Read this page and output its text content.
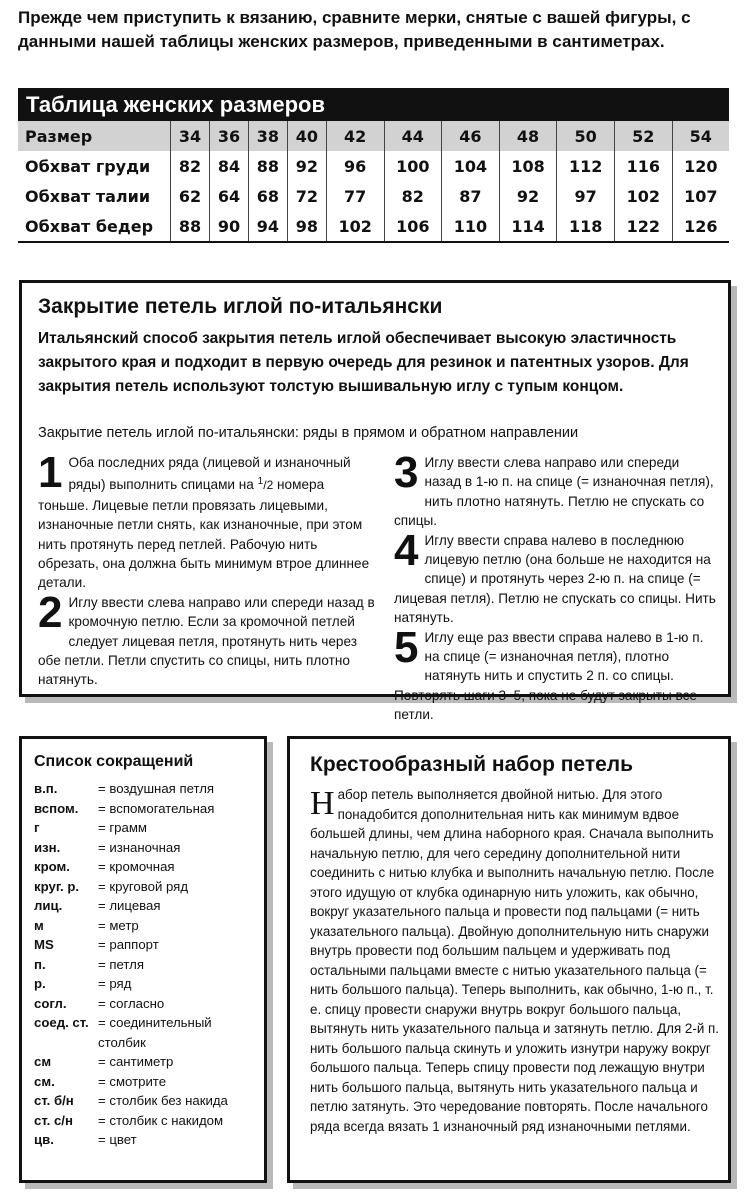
Прежде чем приступить к вязанию, сравните мерки, снятые с вашей фигуры, с данными нашей таблицы женских размеров, приведенными в сантиметрах.
Таблица женских размеров
Размер	34	36	38	40	42	44	46	48	50	52	54
Обхват груди	82	84	88	92	96	100	104	108	112	116	120
Обхват талии	62	64	68	72	77	82	87	92	97	102	107
Обхват бедер	88	90	94	98	102	106	110	114	118	122	126
Закрытие петель иглой по-итальянски
Итальянский способ закрытия петель иглой обеспечивает высокую эластичность закрытого края и подходит в первую очередь для резинок и патентных узоров. Для закрытия петель используют толстую вышивальную иглу с тупым концом.
Закрытие петель иглой по-итальянски: ряды в прямом и обратном направлении
1 Оба последних ряда (лицевой и изнаночный ряды) выполнить спицами на $^1$/2 номера тоньше. Лицевые петли провязать лицевыми, изнаночные петли снять, как изнаночные, при этом нить протянуть перед петлей. Рабочую нить обрезать, она должна быть минимум втрое длиннее детали.
2 Иглу ввести слева направо или спереди назад в кромочную петлю. Если за кромочной петлей следует лицевая петля, протянуть нить через обе петли. Петли спустить со спицы, нить плотно натянуть.
3 Иглу ввести слева направо или спереди назад в 1-ю п. на спице (= изнаночная петля), нить плотно натянуть. Петлю не спускать со спицы.
4 Иглу ввести справа налево в последнюю лицевую петлю (она больше не находится на спице) и протянуть через 2-ю п. на спице (= лицевая петля). Петлю не спускать со спицы. Нить натянуть.
5 Иглу еще раз ввести справа налево в 1-ю п. на спице (= изнаночная петля), плотно натянуть нить и спустить 2 п. со спицы. Повторять шаги 3–5, пока не будут закрыты все петли.
Список сокращений
в.п.	= воздушная петля
вспом.	= вспомогательная
г	= грамм
изн.	= изнаночная
кром.	= кромочная
круг. р.	= круговой ряд
лиц.	= лицевая
м	= метр
MS	= раппорт
п.	= петля
р.	= ряд
согл.	= согласно
соед. ст. = соединительный столбик
см	= сантиметр
см.	= смотрите
ст. б/н	= столбик без накида
ст. с/н	= столбик с накидом
цв.	= цвет
Крестообразный набор петель
Набор петель выполняется двойной нитью. Для этого понадобится дополнительная нить как минимум вдвое большей длины, чем длина наборного края. Сначала выполнить начальную петлю, для чего середину дополнительной нити соединить с нитью клубка и выполнить начальную петлю. После этого идущую от клубка одинарную нить уложить, как обычно, вокруг указательного пальца и провести под пальцами (= нить указательного пальца). Двойную дополнительную нить снаружи внутрь провести под большим пальцем и удерживать под остальными пальцами вместе с нитью указательного пальца (= нить большого пальца). Теперь выполнить, как обычно, 1-ю п., т. е. спицу провести снаружи внутрь вокруг большого пальца, вытянуть нить указательного пальца и затянуть петлю. Для 2-й п. нить большого пальца скинуть и уложить изнутри наружу вокруг большого пальца. Теперь спицу провести под лежащую внутри нить большого пальца, вытянуть нить указательного пальца и петлю затянуть. Это чередование повторять. После начального ряда всегда вязать 1 изнаночный ряд изнаночными петлями.
